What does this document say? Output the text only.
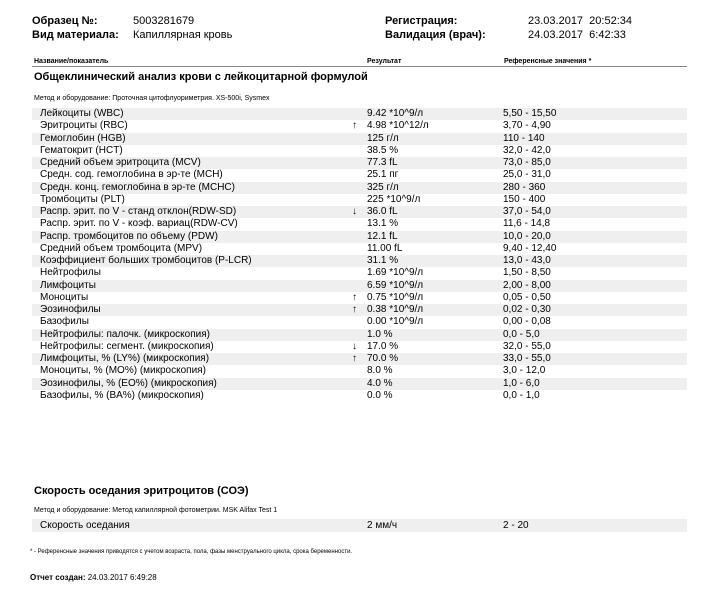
Образец №:	5003281679
Вид материала: Капиллярная кровь
Регистрация:	23.03.2017  20:52:34
Валидация (врач):	24.03.2017  6:42:33
Название/показатель	Результат	Референсные значения *
Общеклинический анализ крови с лейкоцитарной формулой
Метод и оборудование: Проточная цитофлуориметрия. XS-500i, Sysmex
Лейкоциты (WBC)	9.42 *10^9/л	5,50 - 15,50
Эритроциты (RBC)	↑ 4.98 *10^12/л	3,70 - 4,90
Гемоглобин (HGB)	125 г/л	110 - 140
Гематокрит (HCT)	38.5 %	32,0 - 42,0
Средний объем эритроцита (MCV)	77.3 fL	73,0 - 85,0
Средн. сод. гемоглобина в эр-те (MCH)	25.1 пг	25,0 - 31,0
Средн. конц. гемоглобина в эр-те (MCHC)	325 г/л	280 - 360
Тромбоциты (PLT)	225 *10^9/л	150 - 400
Распр. эрит. по V - станд отклон(RDW-SD)	↓ 36.0 fL	37,0 - 54,0
Распр. эрит. по V - коэф. вариац(RDW-CV)	13.1 %	11,6 - 14,8
Распр. тромбоцитов по объему (PDW)	12.1 fL	10,0 - 20,0
Средний объем тромбоцита (MPV)	11.00 fL	9,40 - 12,40
Коэффициент больших тромбоцитов (P-LCR)	31.1 %	13,0 - 43,0
Нейтрофилы	1.69 *10^9/л	1,50 - 8,50
Лимфоциты	6.59 *10^9/л	2,00 - 8,00
Моноциты	↑ 0.75 *10^9/л	0,05 - 0,50
Эозинофилы	↑ 0.38 *10^9/л	0,02 - 0,30
Базофилы	0.00 *10^9/л	0,00 - 0,08
Нейтрофилы: палочк. (микроскопия)	1.0 %	0,0 - 5,0
Нейтрофилы: сегмент. (микроскопия)	↓ 17.0 %	32,0 - 55,0
Лимфоциты, % (LY%) (микроскопия)	↑ 70.0 %	33,0 - 55,0
Моноциты, % (MO%) (микроскопия)	8.0 %	3,0 - 12,0
Эозинофилы, % (EO%) (микроскопия)	4.0 %	1,0 - 6,0
Базофилы, % (BA%) (микроскопия)	0.0 %	0,0 - 1,0
Скорость оседания эритроцитов (СОЭ)
Метод и оборудование: Метод капиллярной фотометрии. MSK Alifax Test 1
Скорость оседания	2 мм/ч	2 - 20
* - Референсные значения приводятся с учетом возраста, пола, фазы менструального цикла, срока беременности.
Отчет создан: 24.03.2017 6:49:28
